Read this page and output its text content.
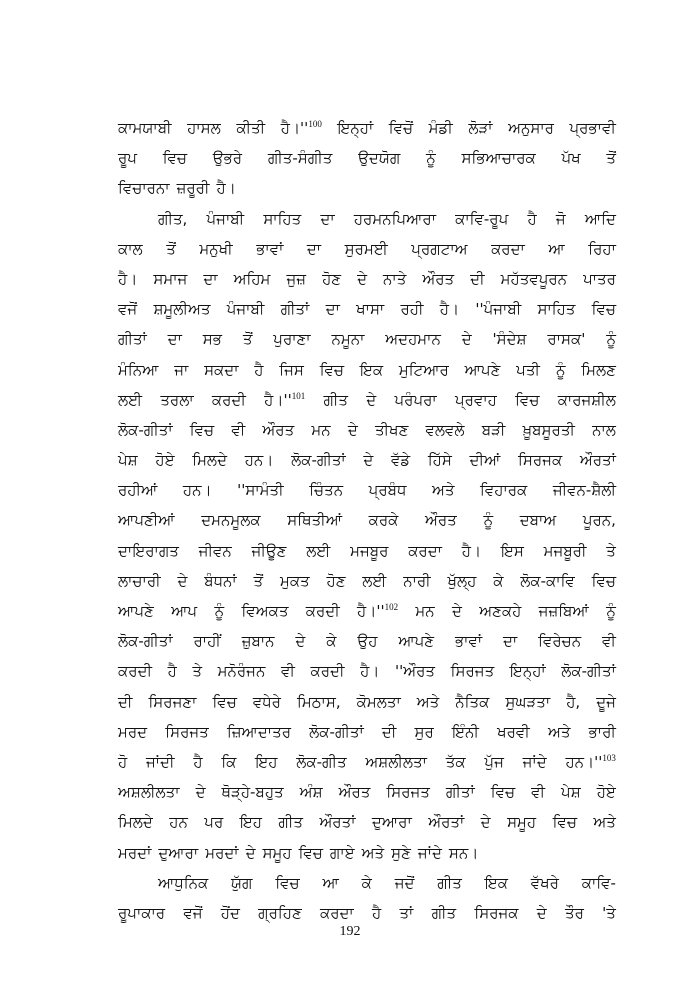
ਕਾਮਯਾਬੀ ਹਾਸਲ ਕੀਤੀ $ਹੈ।''^{100}$ ਇਨ੍ਹਾਂ ਵਿਚੋਂ ਮੰਡੀ ਲੋੜਾਂ ਅਨੁਸਾਰ ਪ੍ਰਭਾਵੀ
ਰੂਪ ਵਿਚ ਉਭਰੇ ਗੀਤ-ਸੰਗੀਤ ਉਦਯੋਗ ਨੂੰ ਸਭਿਆਚਾਰਕ ਪੱਖ ਤੋਂ
ਵਿਚਾਰਨਾ ਜ਼ਰੂਰੀ ਹੈ।
ਗੀਤ, ਪੰਜਾਬੀ ਸਾਹਿਤ ਦਾ ਹਰਮਨਪਿਆਰਾ ਕਾਵਿ-ਰੂਪ ਹੈ ਜੋ ਆਦਿ
ਕਾਲ ਤੋਂ ਮਨੁਖੀ ਭਾਵਾਂ ਦਾ ਸੁਰਮਈ ਪ੍ਰਗਟਾਅ ਕਰਦਾ ਆ ਰਿਹਾ
ਹੈ। ਸਮਾਜ ਦਾ ਅਹਿਮ ਜੁਜ਼ ਹੋਣ ਦੇ ਨਾਤੇ ਔਰਤ ਦੀ ਮਹੱਤਵਪੂਰਨ ਪਾਤਰ
ਵਜੋਂ ਸ਼ਮੂਲੀਅਤ ਪੰਜਾਬੀ ਗੀਤਾਂ ਦਾ ਖਾਸਾ ਰਹੀ ਹੈ। ''ਪੰਜਾਬੀ ਸਾਹਿਤ ਵਿਚ
ਗੀਤਾਂ ਦਾ ਸਭ ਤੋਂ ਪੁਰਾਣਾ ਨਮੂਨਾ ਅਦਹਮਾਨ ਦੇ 'ਸੰਦੇਸ਼ ਰਾਸਕ' ਨੂੰ
ਮੰਨਿਆ ਜਾ ਸਕਦਾ ਹੈ ਜਿਸ ਵਿਚ ਇਕ ਮੁਟਿਆਰ ਆਪਣੇ ਪਤੀ ਨੂੰ ਮਿਲਣ
ਲਈ ਤਰਲਾ ਕਰਦੀ $ਹੈ।''^{101}$ ਗੀਤ ਦੇ ਪਰੰਪਰਾ ਪ੍ਰਵਾਹ ਵਿਚ ਕਾਰਜਸ਼ੀਲ
ਲੋਕ-ਗੀਤਾਂ ਵਿਚ ਵੀ ਔਰਤ ਮਨ ਦੇ ਤੀਖਣ ਵਲਵਲੇ ਬੜੀ ਖ਼ੂਬਸੂਰਤੀ ਨਾਲ
ਪੇਸ਼ ਹੋਏ ਮਿਲਦੇ ਹਨ। ਲੋਕ-ਗੀਤਾਂ ਦੇ ਵੱਡੇ ਹਿੱਸੇ ਦੀਆਂ ਸਿਰਜਕ ਔਰਤਾਂ
ਰਹੀਆਂ ਹਨ। ''ਸਾਮੰਤੀ ਚਿੰਤਨ ਪ੍ਰਬੰਧ ਅਤੇ ਵਿਹਾਰਕ ਜੀਵਨ-ਸ਼ੈਲੀ
ਆਪਣੀਆਂ ਦਮਨਮੂਲਕ ਸਥਿਤੀਆਂ ਕਰਕੇ ਔਰਤ ਨੂੰ ਦਬਾਅ ਪੂਰਨ,
ਦਾਇਰਾਗਤ ਜੀਵਨ ਜੀਊਣ ਲਈ ਮਜਬੂਰ ਕਰਦਾ ਹੈ। ਇਸ ਮਜਬੂਰੀ ਤੇ
ਲਾਚਾਰੀ ਦੇ ਬੰਧਨਾਂ ਤੋਂ ਮੁਕਤ ਹੋਣ ਲਈ ਨਾਰੀ ਖੁੱਲ੍ਹ ਕੇ ਲੋਕ-ਕਾਵਿ ਵਿਚ
ਆਪਣੇ ਆਪ ਨੂੰ ਵਿਅਕਤ ਕਰਦੀ $ਹੈ।''^{102}$ ਮਨ ਦੇ ਅਣਕਹੇ ਜਜ਼ਬਿਆਂ ਨੂੰ
ਲੋਕ-ਗੀਤਾਂ ਰਾਹੀਂ ਜ਼ੁਬਾਨ ਦੇ ਕੇ ਉਹ ਆਪਣੇ ਭਾਵਾਂ ਦਾ ਵਿਰੇਚਨ ਵੀ
ਕਰਦੀ ਹੈ ਤੇ ਮਨੋਰੰਜਨ ਵੀ ਕਰਦੀ ਹੈ। ''ਔਰਤ ਸਿਰਜਤ ਇਨ੍ਹਾਂ ਲੋਕ-ਗੀਤਾਂ
ਦੀ ਸਿਰਜਣਾ ਵਿਚ ਵਧੇਰੇ ਮਿਠਾਸ, ਕੋਮਲਤਾ ਅਤੇ ਨੈਤਿਕ ਸੁਘੜਤਾ ਹੈ, ਦੂਜੇ
ਮਰਦ ਸਿਰਜਤ ਜ਼ਿਆਦਾਤਰ ਲੋਕ-ਗੀਤਾਂ ਦੀ ਸੁਰ ਇੰਨੀ ਖਰਵੀ ਅਤੇ ਭਾਰੀ
ਹੋ ਜਾਂਦੀ ਹੈ ਕਿ ਇਹ ਲੋਕ-ਗੀਤ ਅਸ਼ਲੀਲਤਾ ਤੱਕ ਪੁੱਜ ਜਾਂਦੇ $ਹਨ।''^{103}$
ਅਸ਼ਲੀਲਤਾ ਦੇ ਥੋੜ੍ਹੇ-ਬਹੁਤ ਅੰਸ਼ ਔਰਤ ਸਿਰਜਤ ਗੀਤਾਂ ਵਿਚ ਵੀ ਪੇਸ਼ ਹੋਏ
ਮਿਲਦੇ ਹਨ ਪਰ ਇਹ ਗੀਤ ਔਰਤਾਂ ਦੁਆਰਾ ਔਰਤਾਂ ਦੇ ਸਮੂਹ ਵਿਚ ਅਤੇ
ਮਰਦਾਂ ਦੁਆਰਾ ਮਰਦਾਂ ਦੇ ਸਮੂਹ ਵਿਚ ਗਾਏ ਅਤੇ ਸੁਣੇ ਜਾਂਦੇ ਸਨ।
ਆਧੁਨਿਕ ਯੁੱਗ ਵਿਚ ਆ ਕੇ ਜਦੋਂ ਗੀਤ ਇਕ ਵੱਖਰੇ ਕਾਵਿ-
ਰੂਪਾਕਾਰ ਵਜੋਂ ਹੋਂਦ ਗ੍ਰਹਿਣ ਕਰਦਾ ਹੈ ਤਾਂ ਗੀਤ ਸਿਰਜਕ ਦੇ ਤੌਰ 'ਤੇ
192
